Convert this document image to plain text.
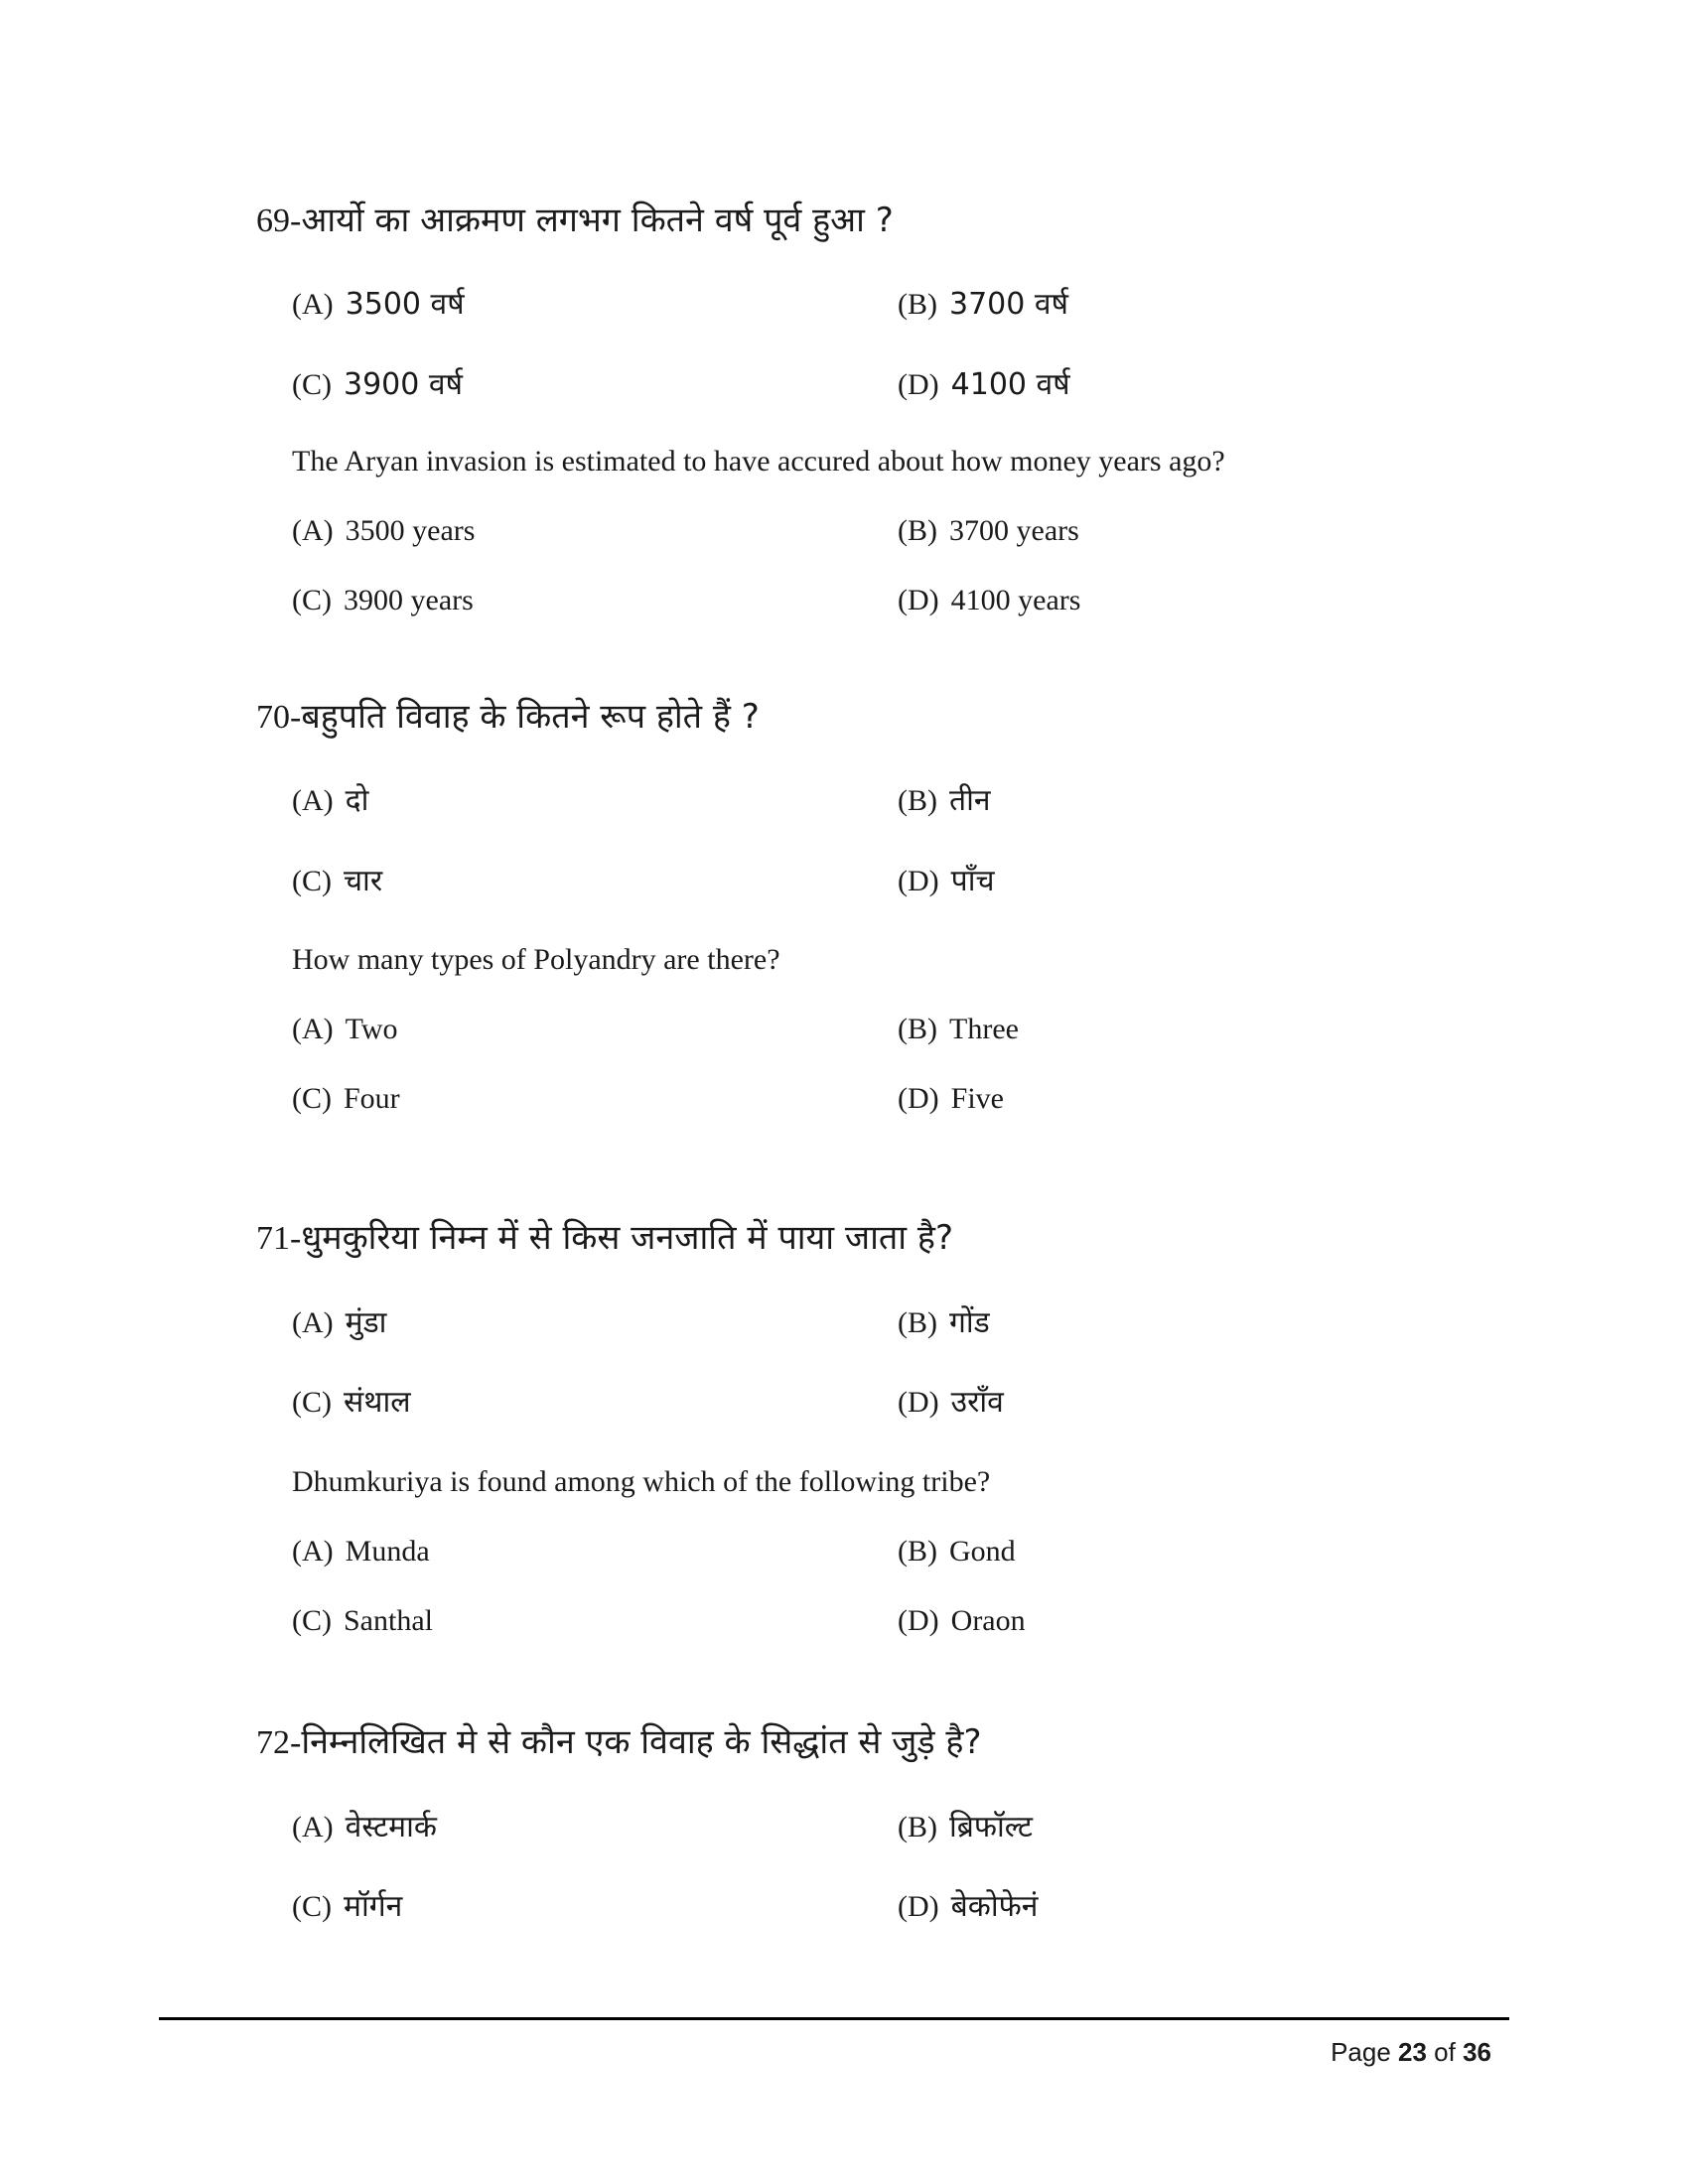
69-आर्यो का आक्रमण लगभग कितने वर्ष पूर्व हुआ ?
(A) 3500 वर्ष	(B) 3700 वर्ष
(C) 3900 वर्ष	(D) 4100 वर्ष
The Aryan invasion is estimated to have accured about how money years ago?
(A) 3500 years	(B) 3700 years
(C) 3900 years	(D) 4100 years
70-बहुपति विवाह के कितने रूप होते हैं ?
(A) दो	(B) तीन
(C) चार	(D) पाँच
How many types of Polyandry are there?
(A) Two	(B) Three
(C) Four	(D) Five
71-धुमकुरिया निम्न में से किस जनजाति में पाया जाता है?
(A) मुंडा	(B) गोंड
(C) संथाल	(D) उराँव
Dhumkuriya is found among which of the following tribe?
(A) Munda	(B) Gond
(C) Santhal	(D) Oraon
72-निम्नलिखित मे से कौन एक विवाह के सिद्धांत से जुड़े है?
(A) वेस्टमार्क	(B) ब्रिफॉल्ट
(C) मॉर्गन	(D) बेकोफेनं
Page 23 of 36
